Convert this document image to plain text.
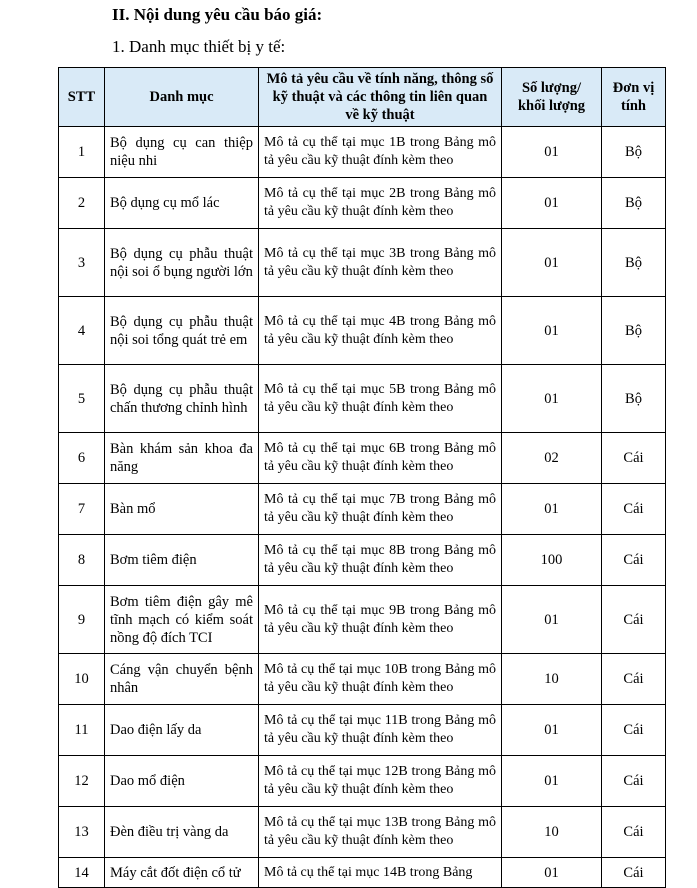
II. Nội dung yêu cầu báo giá:
1. Danh mục thiết bị y tế:
STT	Danh mục	Mô tả yêu cầu về tính năng, thông số kỹ thuật và các thông tin liên quan về kỹ thuật	Số lượng/ khối lượng	Đơn vị tính
1	Bộ dụng cụ can thiệp niệu nhi	Mô tả cụ thể tại mục 1B trong Bảng mô tả yêu cầu kỹ thuật đính kèm theo	01	Bộ
2	Bộ dụng cụ mổ lác	Mô tả cụ thể tại mục 2B trong Bảng mô tả yêu cầu kỹ thuật đính kèm theo	01	Bộ
3	Bộ dụng cụ phẫu thuật nội soi ổ bụng người lớn	Mô tả cụ thể tại mục 3B trong Bảng mô tả yêu cầu kỹ thuật đính kèm theo	01	Bộ
4	Bộ dụng cụ phẫu thuật nội soi tổng quát trẻ em	Mô tả cụ thể tại mục 4B trong Bảng mô tả yêu cầu kỹ thuật đính kèm theo	01	Bộ
5	Bộ dụng cụ phẫu thuật chấn thương chỉnh hình	Mô tả cụ thể tại mục 5B trong Bảng mô tả yêu cầu kỹ thuật đính kèm theo	01	Bộ
6	Bàn khám sản khoa đa năng	Mô tả cụ thể tại mục 6B trong Bảng mô tả yêu cầu kỹ thuật đính kèm theo	02	Cái
7	Bàn mổ	Mô tả cụ thể tại mục 7B trong Bảng mô tả yêu cầu kỹ thuật đính kèm theo	01	Cái
8	Bơm tiêm điện	Mô tả cụ thể tại mục 8B trong Bảng mô tả yêu cầu kỹ thuật đính kèm theo	100	Cái
9	Bơm tiêm điện gây mê tĩnh mạch có kiểm soát nồng độ đích TCI	Mô tả cụ thể tại mục 9B trong Bảng mô tả yêu cầu kỹ thuật đính kèm theo	01	Cái
10	Cáng vận chuyển bệnh nhân	Mô tả cụ thể tại mục 10B trong Bảng mô tả yêu cầu kỹ thuật đính kèm theo	10	Cái
11	Dao điện lấy da	Mô tả cụ thể tại mục 11B trong Bảng mô tả yêu cầu kỹ thuật đính kèm theo	01	Cái
12	Dao mổ điện	Mô tả cụ thể tại mục 12B trong Bảng mô tả yêu cầu kỹ thuật đính kèm theo	01	Cái
13	Đèn điều trị vàng da	Mô tả cụ thể tại mục 13B trong Bảng mô tả yêu cầu kỹ thuật đính kèm theo	10	Cái
14	Máy cắt đốt điện cổ tử	Mô tả cụ thể tại mục 14B trong Bảng	01	Cái
